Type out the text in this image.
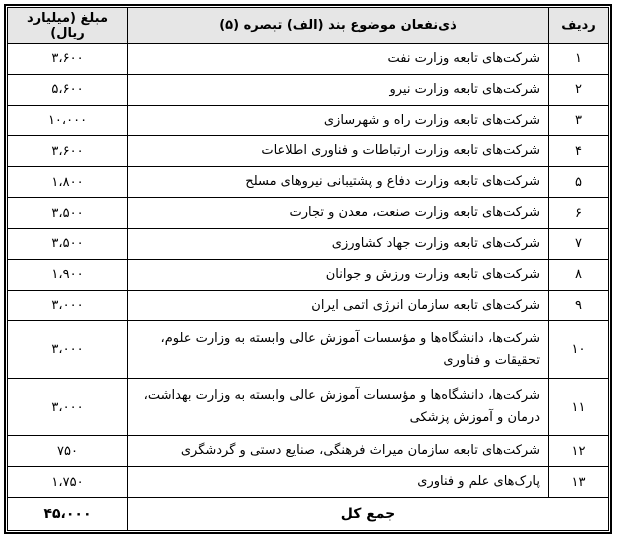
ردیف	ذی‌نفعان موضوع بند (الف) تبصره (۵)	مبلغ (میلیارد ریال)
۱	شرکت‌های تابعه وزارت نفت	۳،۶۰۰
۲	شرکت‌های تابعه وزارت نیرو	۵،۶۰۰
۳	شرکت‌های تابعه وزارت راه و شهرسازی	۱۰،۰۰۰
۴	شرکت‌های تابعه وزارت ارتباطات و فناوری اطلاعات	۳،۶۰۰
۵	شرکت‌های تابعه وزارت دفاع و پشتیبانی نیروهای مسلح	۱،۸۰۰
۶	شرکت‌های تابعه وزارت صنعت، معدن و تجارت	۳،۵۰۰
۷	شرکت‌های تابعه وزارت جهاد کشاورزی	۳،۵۰۰
۸	شرکت‌های تابعه وزارت ورزش و جوانان	۱،۹۰۰
۹	شرکت‌های تابعه سازمان انرژی اتمی ایران	۳،۰۰۰
۱۰	شرکت‌ها، دانشگاه‌ها و مؤسسات آموزش عالی وابسته به وزارت علوم، تحقیقات و فناوری	۳،۰۰۰
۱۱	شرکت‌ها، دانشگاه‌ها و مؤسسات آموزش عالی وابسته به وزارت بهداشت، درمان و آموزش پزشکی	۳،۰۰۰
۱۲	شرکت‌های تابعه سازمان میراث فرهنگی، صنایع دستی و گردشگری	۷۵۰
۱۳	پارک‌های علم و فناوری	۱،۷۵۰
جمع کل		۴۵،۰۰۰
